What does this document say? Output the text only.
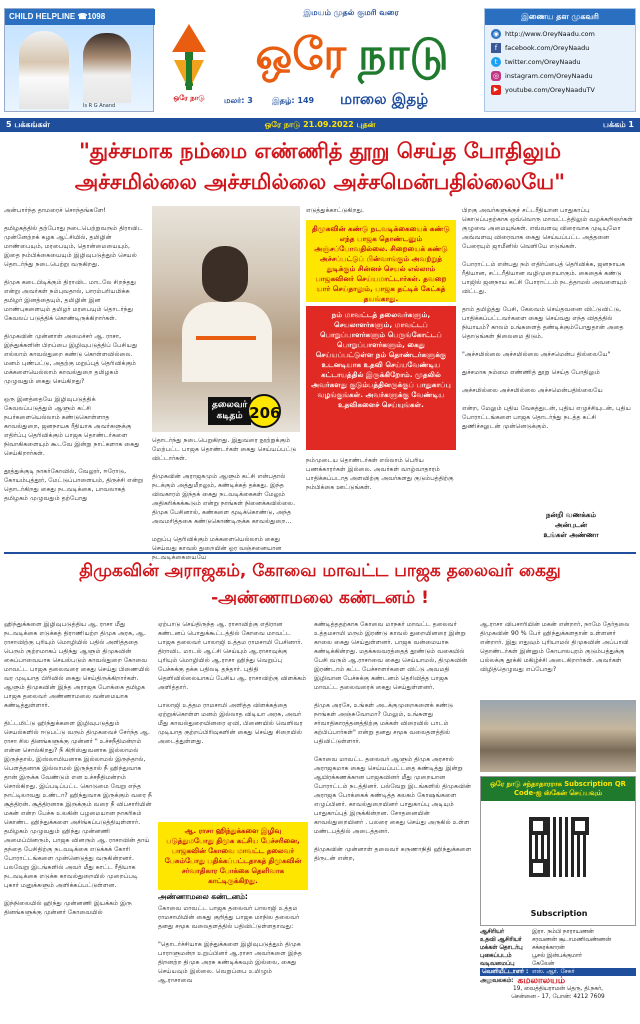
CHILD HELPLINE ☎1098
Is R G Anand
ஒரே நாடு
இமயம் முதல் குமரி வரை
ஒரே நாடு
மலர்: 3	இதழ்: 149	மாலை இதழ்
இணைய தள முகவரி
◉ http://www.OreyNaadu.com
f	facebook.com/OreyNaadu
t	twitter.com/OreyNaadu
◎ instagram.com/OreyNaadu
▶	youtube.com/OreyNaaduTV
5 பக்கங்கள்	ஒரே நாடு 21.09.2022 புதன்	பக்கம் 1
"துச்சமாக நம்மை எண்ணித் தூறு செய்த போதிலும்
அச்சமில்லை அச்சமில்லை அச்சமென்பதில்லையே"
அன்பார்ந்த தாமரைச் சொந்தங்களே!

தமிழகத்தில் தற்போது நடைபெற்றுவரும் திராவிட முன்னேற்றக் கழக ஆட்சியில், தமிழின் மாண்பையும், மரபையும், தொன்மையையும், இதை நம்பிக்கையையும் இழிவுபடுத்தும் செயல் தொடர்ந்து நடைபெற்று வருகிறது.

திமுக கடைபிடிக்கும் திராவிட மாடலே சிறந்தது என்று அவர்கள் நம்புவதால், பாரம்பரியமிக்க தமிழர் இனத்தையும், தமிழின் இன மாண்புகளையும் தமிழர் மரபையும் தொடர்ந்து கேவலப் படுத்திக் கொண்டிருக்கிறார்கள்.

திமுகவின் முன்னாள் அமைச்சர் ஆ. ராசா, இந்துக்களின் பிறப்பை இழிவுபடுத்திப் பேசியது எல்லாம் காவல்துறை கண்டு கொள்ளவில்லை. மனம் புண்பட்டு, அதற்கு மறுப்புத் தெரிவிக்கும் மக்களையெல்லாம் காவல்துறை தமிழகம் முழுவதும் கைது செய்கிறது?

ஒரு இனத்தையே இழிவுபடுத்திக் கேவலப்படுத்தும் ஆளும் கட்சி நபர்களையெல்லாம் கண்டுகொள்ளாத காவல்துறை, ஜனநாயக ரீதியாக அவர்களுக்கு எதிர்ப்பு தெரிவிக்கும் பாஜக தொண்டர்களை நிவாகிகளையும் கூடவே இன்று நாட்களாக கைது செய்கிறார்கள்.

தூத்துக்குடி நாகர்கோவில், வேலூர், ஈரோடு, கோயம்புத்தூர், மேட்டுப்பாளையம், திருச்சி என்று தொடர்கிறது கைது நடவடிக்கை, பாவலாகத் தமிழகம் முழுவதும் தற்போது
தலைவர்
கடிதம் 206
தொடர்ந்து நடைபெறுகிறது. இதுவரை நூற்றுக்கும் மேற்பட்ட பாஜக தொண்டர்கள் கைது செய்யப்பட்டு விட்டார்கள்.

திமுகவின் அராஜகமும் ஆளும் கட்சி என்பதால் நடக்கும் அத்துமீறலும், கண்டிக்கத் தக்கது. இந்த விவகாரம் இந்தக் கைது நடவடிக்கைகள் மேலும் அதிகரிக்கக்கூடும் என்று நாங்கள் நினைக்கவில்லை. திமுக பேசினால், கண்களை மூடிக்கொண்டு, அந்த அவமரித்தகை கண்டுகொண்டிருக்க காவல்துறை...

மறுப்பு தெரிவிக்கும் மக்களையெல்லாம் கைது செய்வது காவல் துறையின் ஓர வஞ்சனையான நடவடிக்கையையே
எடுத்துக்காட்டுகிறது.
திமுகவின் கண்டு நடவடிக்கையைக் கண்டு எந்த பாஜக தொண்டனும் அஞ்சப்போவதில்லை. சிறையைக் கண்டு அச்சப்பட்டுப் பின்வாங்கும் அவற்றுத் துடிக்கும் சின்னச் செயல் எல்லாம் பாஜகவினர் செய்யமாட்டார்கள். தவறை யார் செய்தாலும், பாஜக தட்டிக் கேட்கத் தயங்காது.
நம் மாவட்டத் தலைவர்களும், செயலாளர்களும், மாவட்டப் பொறுப்பாளர்களும் பெருங்கோட்டப் பொறுப்பாளர்களும், கைது செய்யப்பட்டுள்ள நம் தொண்டர்களுக்கு உடனடியாக உதவி செய்யவேண்டிய கட்டாயத்தில் இருக்கிறோம். முதலில் அவர்களது குடும்பத்தினருக்குப் பாதுகாப்பு வழங்குங்கள். அவர்களுக்கு வேண்டிய உதவிகளைச் செய்யுங்கள்.
நம்முடைய தொண்டர்கள் எல்லாம் பெரிய பணக்காரர்கள் இல்லை. அவர்கள் வாழ்வாதாரம் பாதிக்கப்படாத அளவிற்கு அவர்களது குடும்பத்திற்கு நம்பிக்கை ஊட்டுங்கள்.
பிறகு அவர்களுக்குச் சட்டரீதியான பாதுகாப்பு கொடுப்பதற்காக ஒவ்வொரு மாவட்டத்திலும் வழக்கறிஞர்கள் குழுவை அமையுங்கள். எவ்வளவு விரைவாக முடியுமோ அவ்வளவு விரைவாக கைது செய்யப்பட்ட அத்தனை பேரையும் ஜாமீனில் வெளியே எடுங்கள்.

போராட்டம் என்பது நம் எதிர்ப்பைத் தெரிவிக்க, ஜனநாயக ரீதியான, சட்டரீதியான வழிமுறையாகும். கைதைக் கண்டு பாஜில் ஜனநாய கட்சி போராட்டம் நடத்தாமல் அவளையும் விட்டது.

தாம் தமிழ்த்து பேசி, கேலவம் செய்தவனை விட்டுவிட்டு, பாதிக்கப்பட்டவர்களை கைது செய்வது எந்த விதத்தில் நியாயம்? காலம் உங்களைத் தண்டிக்கும்போதுதான் அதை தொடுங்கள் நிலைமை திடும்.

"அச்சமில்லை அச்சமில்லை அச்சமென்ப தில்லையே"

துச்சமாக நம்மை எண்ணித் தூறு செய்த போதிலும்

அச்சமில்லை அச்சமில்லை அச்சமென்பதில்லையே

என்ற, மேலும் புதிய வேகத்துடன், புதிய எழுச்சியுடன், புதிய போராட்டங்களை பாஜக தொடர்ந்து நடத்த கட்சி துணிச்சலுடன் முன்னெடுக்கும்.
நன்றி வணக்கம்
அன்புடன்
உங்கள் அண்ணா
திமுகவின் அராஜகம், கோவை மாவட்ட பாஜக தலைவர் கைது
-அண்ணாமலை கண்டனம் !
ஹிந்துக்களை இழிவுபடுத்திய ஆ. ராசா மீது நடவடிக்கை எடுக்கத் திராணியற்ற திமுக அரசு, ஆ. ராசாவிற்கு புரியும் மொழியில் பதில் அளித்ததை பெரும் குற்றமாகப் பதிந்து ஆளும் திமுகவின் கைப்பாவையாக செயல்படும் காவல்துறை கோவை மாவட்ட பாஜக தலைவரை கைது செய்து பிணையில் வர முடியாத பிரிவில் கைது செய்திருக்கிறார்கள். ஆளும் திமுகவின் இந்த அராஜக போக்கை தமிழக பாஜக தலைவர் அண்ணாமலை வன்மையாக கண்டித்துள்ளார்.

திட்டமிட்டு ஹிந்துக்களை இழிவுபடுத்தும் செயல்களில் ஈடுபட்டு வரும் திமுகவைச் சேர்ந்த ஆ. ராசா சில தினங்களுக்கு முன்னர் " உச்சநீதிமன்றம் என்ன சொல்கிறது? நீ கிறிஸ்துவனாக இல்லாமல் இருந்தால், இஸ்லாமியனாக இல்லாமல் இருந்தால், பெளத்தனாக இல்லாமல் இருந்தால் நீ ஹிந்துவாக தான் இருக்க வேண்டும் என உச்சநீதிமன்றம் சொல்கிறது. இப்படிப்பட்ட கொடுமை வேறு எந்த நாட்டிலாவது உண்டா? ஹிந்துவாக இருக்கும் வரை நீ சூத்திரன். சூத்திரனாக இருக்கும் வரை நீ விபசாரியின் மகன் என்ற பேச்சு உலகின் பழமையான நாகரிகம் கொண்ட ஹிந்துக்களை அசிங்கப்படுத்தியுள்ளார். தமிழகம் முழுவதும் ஹிந்து முன்னணி அமைப்பினரும், பாஜக வினரும் ஆ. ராசாவின் தாய் தந்தை பேசிதிற்கு நடவடிக்கை எடுக்கக் கோரி போராட்டங்களை முன்னெடுத்து வருகின்றனர். பலவேறு இடங்களில் அவர் மீது காட்ட ரீதியாக நடவடிக்கை எடுக்க காவல்துறையில் முறைப்படி புகார் மனுக்களும் அளிக்கப்பட்டுள்ளன.

இந்நிலையில் ஹிந்து முன்னணி இயக்கம் இரு தினங்களுக்கு முன்னர் கோவையில்
ஏற்பாடு செய்திருந்த ஆ. ராசாவிற்கு எதிரான கண்டனப் பொதுக்கூட்டத்தில் கோவை மாவட்ட பாஜக தலைவர் பாலாஜி உத்தம ராமசாமி பேசினார். திராவிட மாடல் ஆட்சி செய்யும் ஆ.ராசாவுக்கு புரியும் மொழியில் ஆ.ராசா ஹிந்து வெறுப்பு பேச்சுக்கு தக்க பதிலடி தந்தார். புதிதி தெளிவில்லையாகப் பேசிய ஆ. ராசாவிற்கு விளக்கம் அளித்தார்.

பாலாஜி உத்தம ராமசாமி அளித்த விளக்கத்தை ஏற்றுக்கொள்ள மனம் இல்லாத விடியா அரசு, அவர் மீது காவல்துறையினரை ஏவி, பிணையில் வெளிவர முடியாத குற்றப்பிரிவுகளின் கைது செய்து சிறையில் அடைத்துள்ளது.
ஆ. ராசா ஹிந்துக்களை இழிவு படுத்துமபோது திமுக கட்சிய பேச்சரினை, பாஜகவின் கோவை மாவட்ட தலைவர் பேசும்போது பதிக்கப்பட்டதாகத் திமுகவின் சர்வாதிகார போக்கை தெளிவாக காட்டிருக்கிறது.
அண்ணாமலை கண்டனம்:
கோவை மாவட்ட பாஜக தலைவர் பாலாஜி உத்தம ராமசாமியின் கைது குறித்து பாஜக மாநில தலைவர் தனது சமூக வலைதளத்தில் பதிவிட்டுள்ளதாவது:

"தொடர்ச்சியாக இந்துக்களை இழிவுபடுத்தும் திமுக பாராளுமன்ற உறுப்பினர் ஆ.ராசா அவர்களை இந்த திறனற்ற திமுக அரசு கண்டிக்கவும் இல்லை, கைது செய்யவும் இல்லை. வெறுப்பை உமிழும் ஆ.ராசாவை
கண்டித்ததற்காக கோவை மாநகர் மாவட்ட தலைவர் உத்தமசாமி மரும் இரண்டு காவல் துறையினரை இன்று காலை கைது செய்துள்ளனர். பாஜக வன்மையாக கண்டிக்கின்றது. மதக்கலவரத்தைத் தூண்டும் வகையில் பேசி வரும் ஆ.ராசாவை கைது செய்யாமல், திமுகவின் இரண்டாம் கட்ட பேச்சாளர்களை விட்டு அவமதி இழிவான பேச்சுக்கு கண்டனம் தெரிவித்த பாஜக மாவட்ட தலைவரைக் கைது செய்துள்ளனர்.

திமுக அரசே, உங்கள் அடக்குமுறைகளைக் கண்டு நாங்கள் அஞ்சுவோமா? மேலும், உங்களது சர்வாதிகாரத்தனத்திற்கு மக்கள் விரைவில் பாடம் கற்பிப்பார்கள்" என்று தனது சமூக வலைதளத்தில் பதிவிட்டுள்ளார்.

கோவை மாவட்ட தலைவர் ஆளும் திமுக அரசால் அராஜகமாக கைது செய்யப்பட்டதை கண்டித்து இன்று ஆயிரக்கணக்கான பாஜகவினர் மீது முறையான போராட்டம் நடத்தினர். பல்வேறு இடங்களில் திமுகவின் அராஜக போக்கைக் கண்டித்த கலகம் கோஷங்களை எழுப்பினர். காவல்துறையினர் பாதுகாப்பு அடியும் பாதுகாப்புத் இருக்கின்றன. சோதனையின் காவல்துறையினர் . பலரை கைது செய்து அருகில் உள்ள மண்டபத்தில் அடைத்தனர்.

திமுகவின் முன்னாள் தலைவர் கருணாநிதி ஹிந்துக்களை திருடன் என்ற,
ஆ.ராசா விபசாரியின் மகன் என்றார், நாமே தேர்தலை திமுகவின் 90 % பேர் ஹிந்துக்களதான் உள்ளனர் என்றார். இது எதுவும் புரியாமல் திமுகவின் அப்பாவி தொண்டர்கள் இன்னும் கோபாலபுரம் குடும்பத்துக்கு பல்லக்கு தூக்கி மகிழ்ச்சி அடைகிறார்கள். அவர்கள் விழித்தெழுவது எப்போது?
ஒரே நாடு சந்தாதாரராக Subscription QR Code-ஐ ஸ்கேன் செய்யவும்
Subscription
ஆசிரியர்	இரா. நம்பி நாராயணன்
உதவி ஆசிரியர்	சரவணன் சூடாமணிவண்ணன்
மக்கள் தொடர்பு	சக்கரக்காரன்
புகைப்படம்	பூசல் இன்பக்குமார்
வடிவமைப்பு	கேலேன்
வெளியீட்டாளர் : எஸ். ஆர். சேகர்
அலுவலகம்: கமலாலயம்
19, வைத்தியராமன் தெரு, தி.நகர்,
சென்னை - 17, போன்: 4212 7609
